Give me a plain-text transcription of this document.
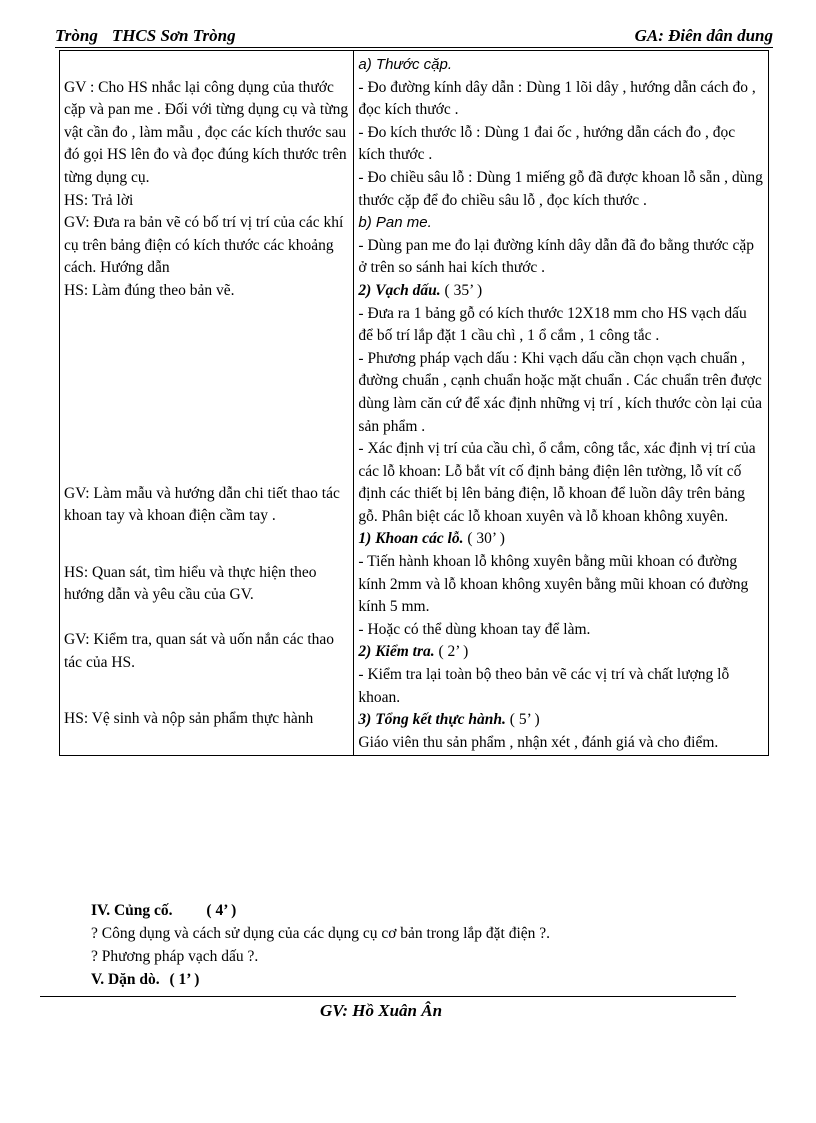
Tròng THCS Sơn Tròng	GA: Điên dân dung
GV : Cho HS nhắc lại công dụng của thước cặp và pan me . Đối với từng dụng cụ và từng vật cần đo , làm mẫu , đọc các kích thước sau đó gọi HS lên đo và đọc đúng kích thước trên từng dụng cụ.
HS: Trả lời
GV: Đưa ra bản vẽ có bố trí vị trí của các khí cụ trên bảng điện có kích thước các khoảng cách. Hướng dẫn
HS: Làm đúng theo bản vẽ.
GV: Làm mẫu và hướng dẫn chi tiết thao tác khoan tay và khoan điện cầm tay .
HS: Quan sát, tìm hiểu và thực hiện theo hướng dẫn và yêu cầu của GV.
GV: Kiểm tra, quan sát và uốn nắn các thao tác của HS.
HS: Vệ sinh và nộp sản phẩm thực hành

a) Thước cặp.
- Đo đường kính dây dẫn : Dùng 1 lõi dây , hướng dẫn cách đo , đọc kích thước .
- Đo kích thước lỗ : Dùng 1 đai ốc , hướng dẫn cách đo , đọc kích thước .
- Đo chiều sâu lỗ : Dùng 1 miếng gỗ đã được khoan lỗ sẵn , dùng thước cặp để đo chiều sâu lỗ , đọc kích thước .
b) Pan me.
- Dùng pan me đo lại đường kính dây dẫn đã đo bằng thước cặp ở trên so sánh hai kích thước .
2) Vạch dấu. ( 35’ )
- Đưa ra 1 bảng gỗ có kích thước 12X18 mm cho HS vạch dấu để bố trí lắp đặt 1 cầu chì , 1 ổ cắm , 1 công tắc .
- Phương pháp vạch dấu : Khi vạch dấu cần chọn vạch chuẩn , đường chuẩn , cạnh chuẩn hoặc mặt chuẩn . Các chuẩn trên được dùng làm căn cứ để xác định những vị trí , kích thước còn lại của sản phẩm .
- Xác định vị trí của cầu chì, ổ cắm, công tắc, xác định vị trí của các lỗ khoan: Lỗ bắt vít cố định bảng điện lên tường, lỗ vít cố định các thiết bị lên bảng điện, lỗ khoan để luồn dây trên bảng gỗ. Phân biệt các lỗ khoan xuyên và lỗ khoan không xuyên.
1) Khoan các lỗ. ( 30’ )
- Tiến hành khoan lỗ không xuyên bằng mũi khoan có đường kính 2mm và lỗ khoan không xuyên bằng mũi khoan có đường kính 5 mm.
- Hoặc có thể dùng khoan tay để làm.
2) Kiểm tra. ( 2’ )
- Kiểm tra lại toàn bộ theo bản vẽ các vị trí và chất lượng lỗ khoan.
3) Tổng kết thực hành. ( 5’ )
Giáo viên thu sản phẩm , nhận xét , đánh giá và cho điểm.
IV. Củng cố. ( 4’ )
? Công dụng và cách sử dụng của các dụng cụ cơ bản trong lắp đặt điện ?.
? Phương pháp vạch dấu ?.
V. Dặn dò. ( 1’ )
GV: Hồ Xuân Ân
